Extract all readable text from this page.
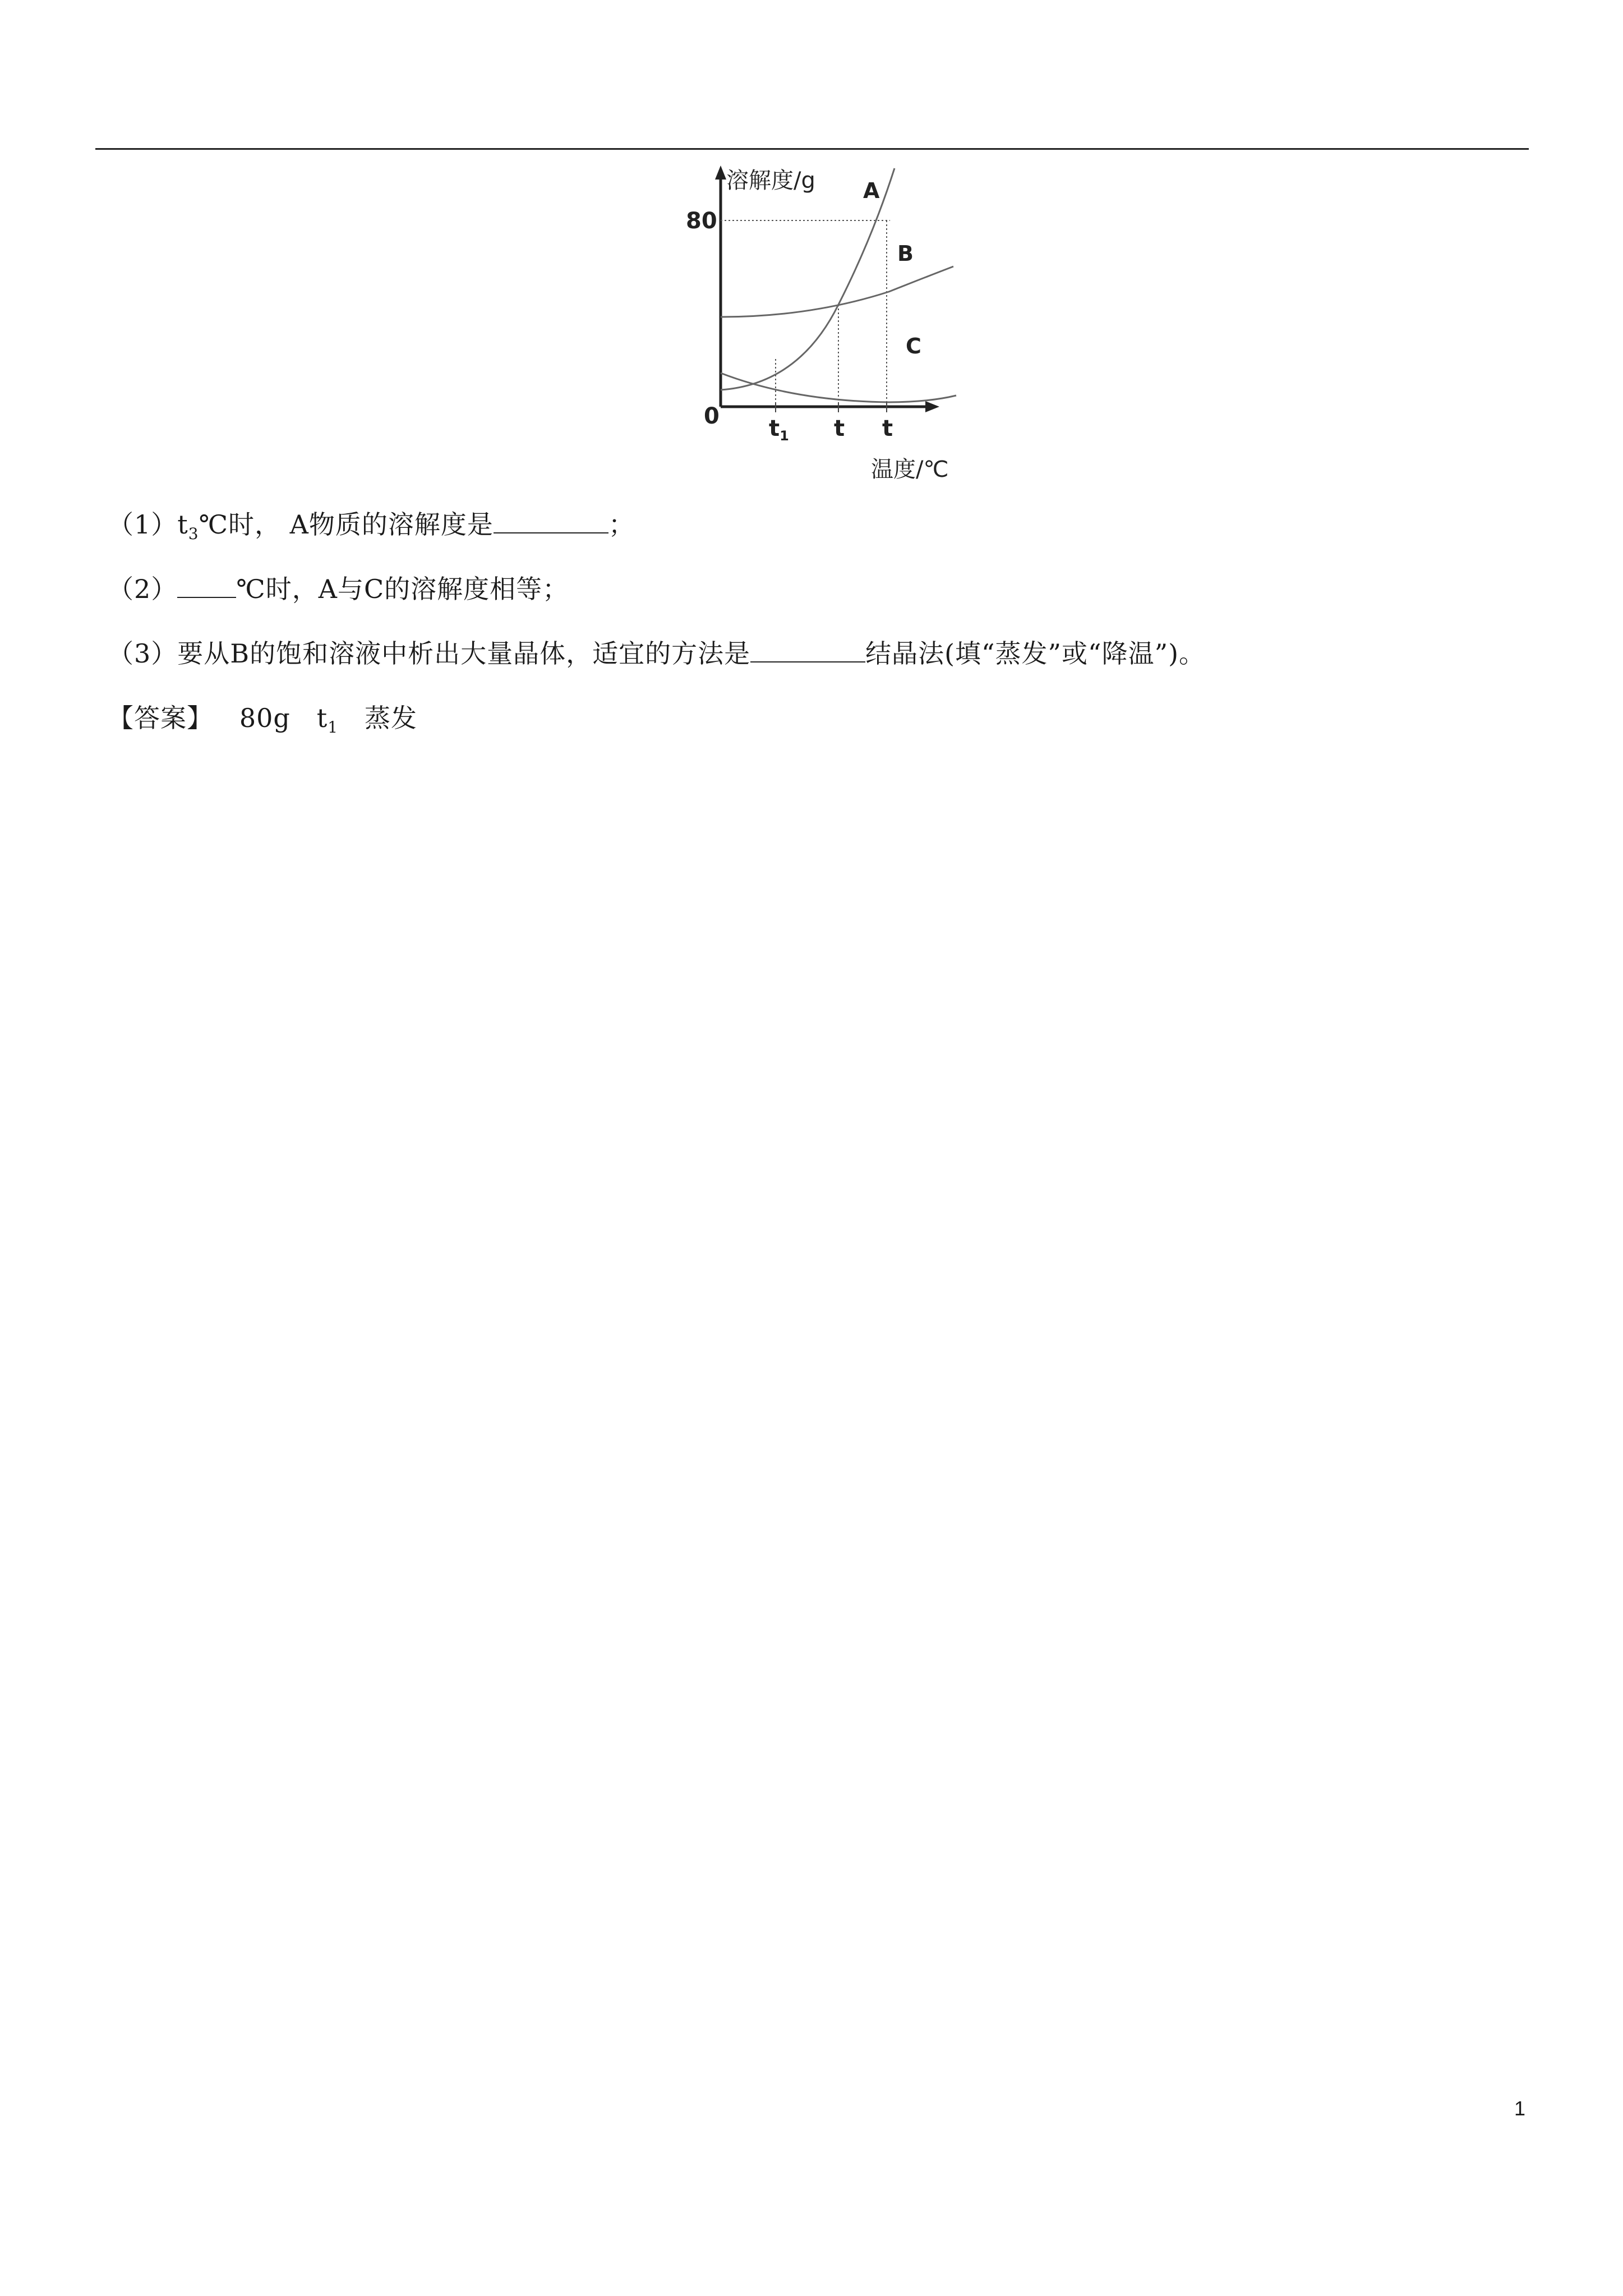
溶解度/g
80
0 $t_1$ t t
A
B
C
温度/℃
$(1)t_3℃$时， A物质的溶解度是	；
（2） ℃时，A与C的溶解度相等；
（3）要从B的饱和溶液中析出大量晶体，适宜的方法是	结晶法(填“蒸发”或“降温”)。
【答案】 80g $t_1$ 蒸发
1
